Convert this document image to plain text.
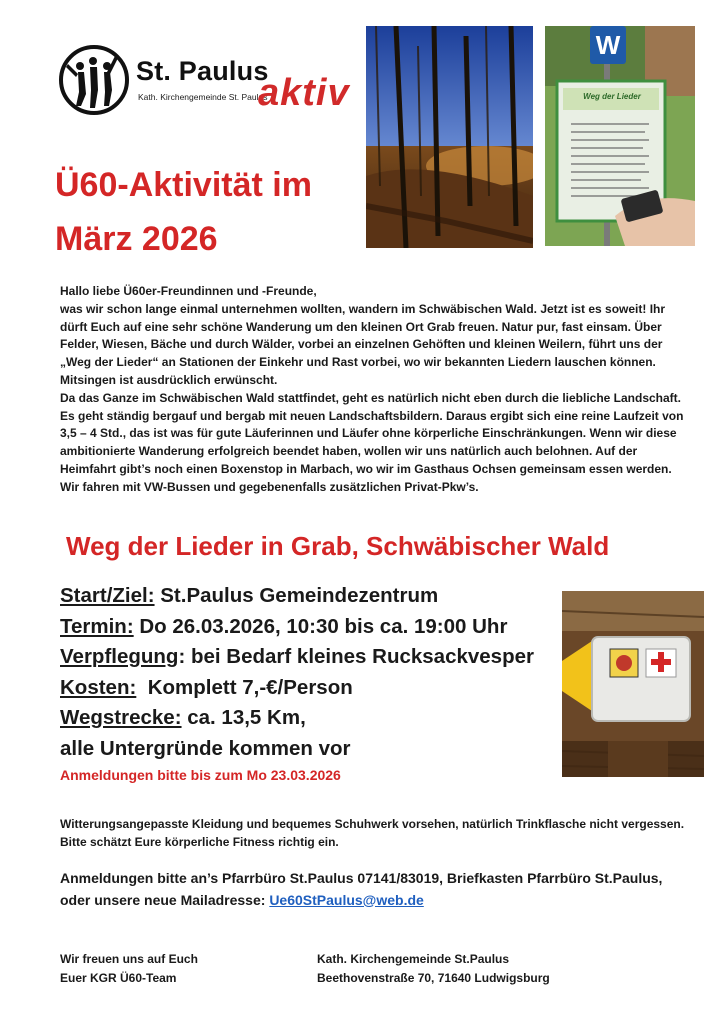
St. Paulus
Kath. Kirchengemeinde St. Paulus
aktiv
W
Weg der Lieder
Ü60-Aktivität im
März 2026

Hallo liebe Ü60er-Freundinnen und -Freunde,

was wir schon lange einmal unternehmen wollten, wandern im Schwäbischen Wald. Jetzt ist es soweit! Ihr dürft Euch auf eine sehr schöne Wanderung um den kleinen Ort Grab freuen. Natur pur, fast einsam. Über Felder, Wiesen, Bäche und durch Wälder, vorbei an einzelnen Gehöften und kleinen Weilern, führt uns der „Weg der Lieder“ an Stationen der Einkehr und Rast vorbei, wo wir bekannten Liedern lauschen können. Mitsingen ist ausdrücklich erwünscht.

Da das Ganze im Schwäbischen Wald stattfindet, geht es natürlich nicht eben durch die liebliche Landschaft. Es geht ständig bergauf und bergab mit neuen Landschaftsbildern. Daraus ergibt sich eine reine Laufzeit von 3,5 – 4 Std., das ist was für gute Läuferinnen und Läufer ohne körperliche Einschränkungen. Wenn wir diese ambitionierte Wanderung erfolgreich beendet haben, wollen wir uns natürlich auch belohnen. Auf der Heimfahrt gibt’s noch einen Boxenstop in Marbach, wo wir im Gasthaus Ochsen gemeinsam essen werden.

Wir fahren mit VW-Bussen und gegebenenfalls zusätzlichen Privat-Pkw’s.

Weg der Lieder in Grab, Schwäbischer Wald
Start/Ziel: St.Paulus Gemeindezentrum
Termin: Do 26.03.2026, 10:30 bis ca. 19:00 Uhr
Verpflegung: bei Bedarf kleines Rucksackvesper
Kosten:  Komplett 7,-€/Person
Wegstrecke: ca. 13,5 Km,
alle Untergründe kommen vor
Anmeldungen bitte bis zum Mo 23.03.2026
Witterungsangepasste Kleidung und bequemes Schuhwerk vorsehen, natürlich Trinkflasche nicht vergessen. Bitte schätzt Eure körperliche Fitness richtig ein.
Anmeldungen bitte an’s Pfarrbüro St.Paulus 07141/83019, Briefkasten Pfarrbüro St.Paulus, oder unsere neue Mailadresse: Ue60StPaulus@web.de
Wir freuen uns auf Euch
Euer KGR Ü60-Team
Kath. Kirchengemeinde St.Paulus
Beethovenstraße 70, 71640 Ludwigsburg
